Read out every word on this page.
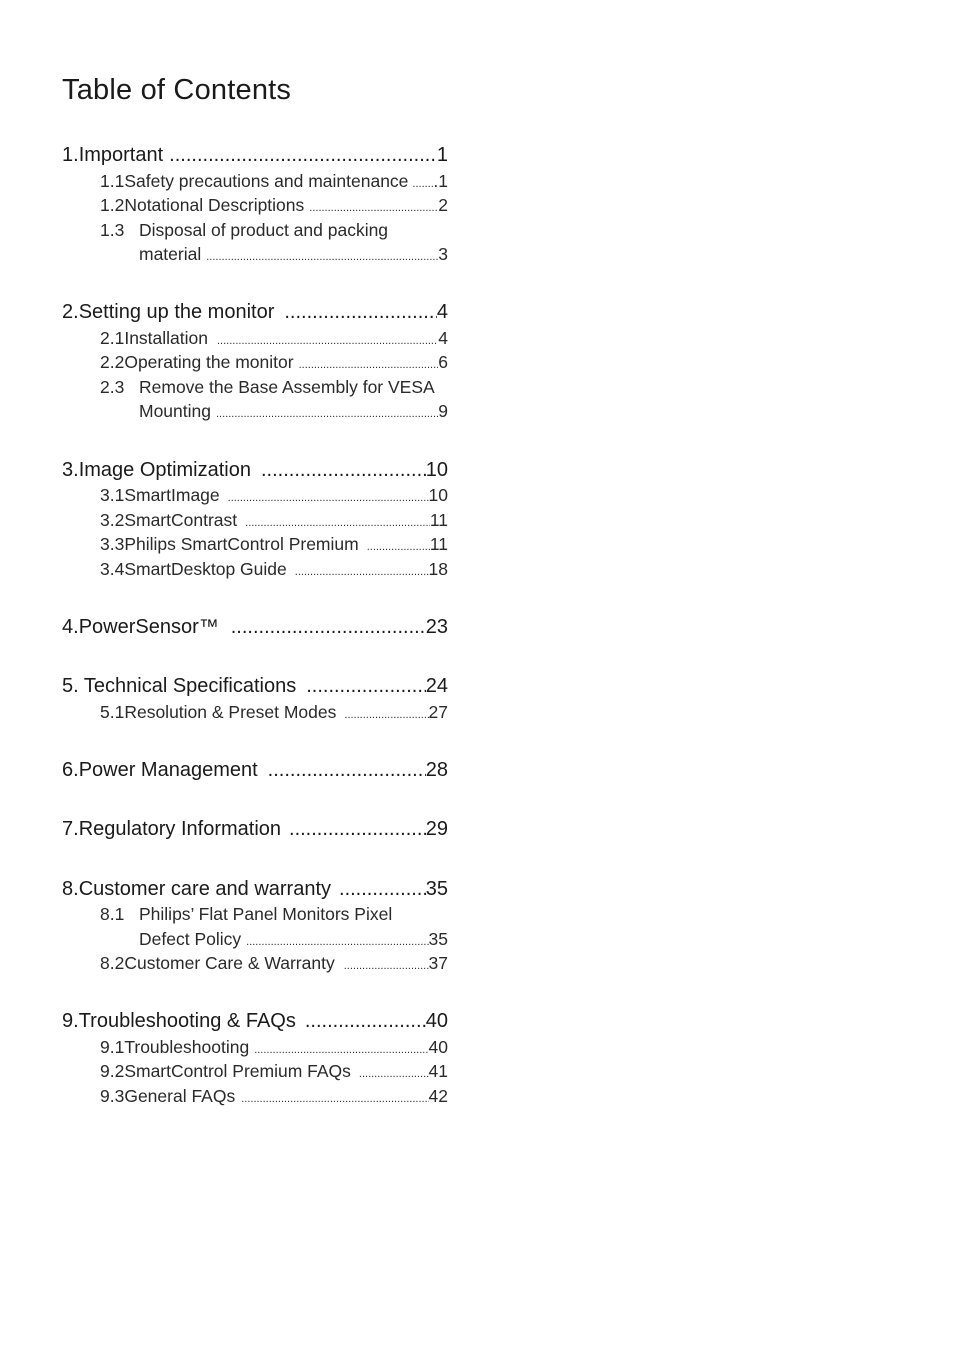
Table of Contents
1. Important .....	1
1.1 Safety precautions and maintenance ..... .1
1.2 Notational Descriptions .....	2
1.3 Disposal of product and packing
material .....	3
2. Setting up the monitor .....	4
2.1 Installation .....	4
2.2 Operating the monitor .....	6
2.3 Remove the Base Assembly for VESA
Mounting .....	9
3. Image Optimization .....	10
3.1 SmartImage .....	10
3.2 SmartContrast .....	11
3.3 Philips SmartControl Premium .....	11
3.4 SmartDesktop Guide .....	18
4. PowerSensor™ .....	23
5. Technical Specifications .....	24
5.1 Resolution & Preset Modes .....	27
6. Power Management .....	28
7. Regulatory Information .....	29
8. Customer care and warranty .....	35
8.1 Philips’ Flat Panel Monitors Pixel
Defect Policy .....	35
8.2 Customer Care & Warranty .....	37
9. Troubleshooting & FAQs .....	40
9.1 Troubleshooting .....	40
9.2 SmartControl Premium FAQs .....	41
9.3 General FAQs .....	42
